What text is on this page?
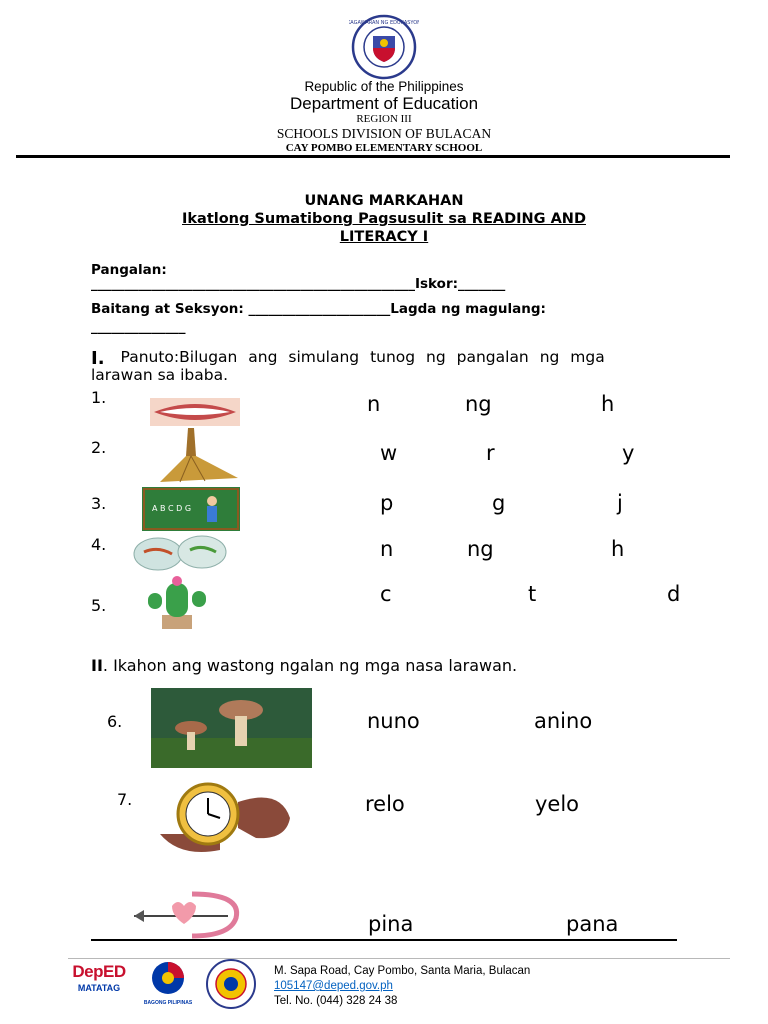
KAGAWARAN NG EDUKASYON
Republic of the Philippines
Department of Education
REGION III
SCHOOLS DIVISION OF BULACAN
CAY POMBO ELEMENTARY SCHOOL
UNANG MARKAHAN
Ikatlong Sumatibong Pagsusulit sa READING AND
LITERACY I
Pangalan:
________________________________________________Iskor:_______
Baitang at Seksyon: _____________________Lagda ng magulang:
______________
I. Panuto:Bilugan ang simulang tunog ng pangalan ng mga
larawan sa ibaba.
1.	n	ng	h
2.	w	r	y
3.	A B C D G	p	g	j
4.	n	ng	h
5.	c	t	d
II. Ikahon ang wastong ngalan ng mga nasa larawan.
6.	nuno	anino
7.	relo	yelo
pina	pana
DepED
MATATAG
BAGONG PILIPINAS
M. Sapa Road, Cay Pombo, Santa Maria, Bulacan
105147@deped.gov.ph
Tel. No. (044) 328 24 38
